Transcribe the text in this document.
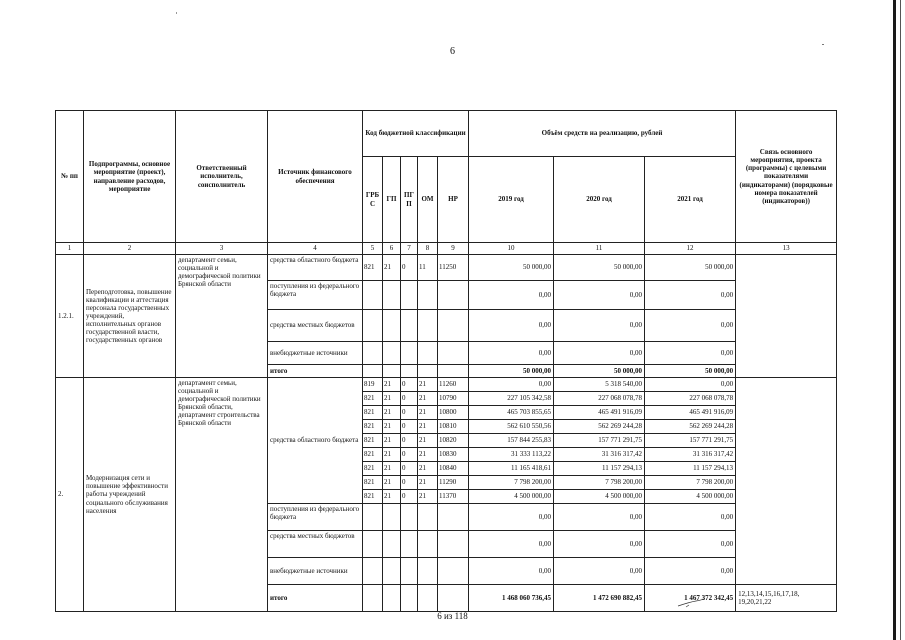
6
№ пп	Подпрограммы, основное мероприятие (проект), направление расходов, мероприятие	Ответственный исполнитель, соисполнитель	Источник финансового обеспечения	Код бюджетной классификации					Объём средств на реализацию, рублей			Связь основного мероприятия, проекта (программы) с целевыми показателями (индикаторами) (порядковые номера показателей (индикаторов))
				ГРБ С	ГП	ПГ П	ОМ	НР	2019 год	2020 год	2021 год	
1	2	3	4	5	6	7	8	9	10	11	12	13
1.2.1.	Переподготовка, повышение квалификации и аттестация персонала государственных учреждений, исполнительных органов государственной власти, государственных органов	департамент семьи, социальной и демографической политики Брянской области	средства областного бюджета	821	21	0	11	11250	50 000,00	50 000,00	50 000,00	
			поступления из федерального бюджета						0,00	0,00	0,00	
			средства местных бюджетов						0,00	0,00	0,00	
			внебюджетные источники						0,00	0,00	0,00	
			итого						50 000,00	50 000,00	50 000,00	
2.	Модернизация сети и повышение эффективности работы учреждений социального обслуживания населения	департамент семьи, социальной и демографической политики Брянской области, департамент строительства Брянской области	средства областного бюджета	819	21	0	21	11260	0,00	5 318 540,00	0,00	
				821	21	0	21	10790	227 105 342,58	227 068 078,78	227 068 078,78	
				821	21	0	21	10800	465 703 855,65	465 491 916,09	465 491 916,09	
				821	21	0	21	10810	562 610 550,56	562 269 244,28	562 269 244,28	
				821	21	0	21	10820	157 844 255,83	157 771 291,75	157 771 291,75	
				821	21	0	21	10830	31 333 113,22	31 316 317,42	31 316 317,42	
				821	21	0	21	10840	11 165 418,61	11 157 294,13	11 157 294,13	
				821	21	0	21	11290	7 798 200,00	7 798 200,00	7 798 200,00	
				821	21	0	21	11370	4 500 000,00	4 500 000,00	4 500 000,00	
			поступления из федерального бюджета						0,00	0,00	0,00	
			средства местных бюджетов						0,00	0,00	0,00	
			внебюджетные источники						0,00	0,00	0,00	
			итого						1 468 060 736,45	1 472 690 882,45	1 467 372 342,45	12,13,14,15,16,17,18, 19,20,21,22
6 из 118
